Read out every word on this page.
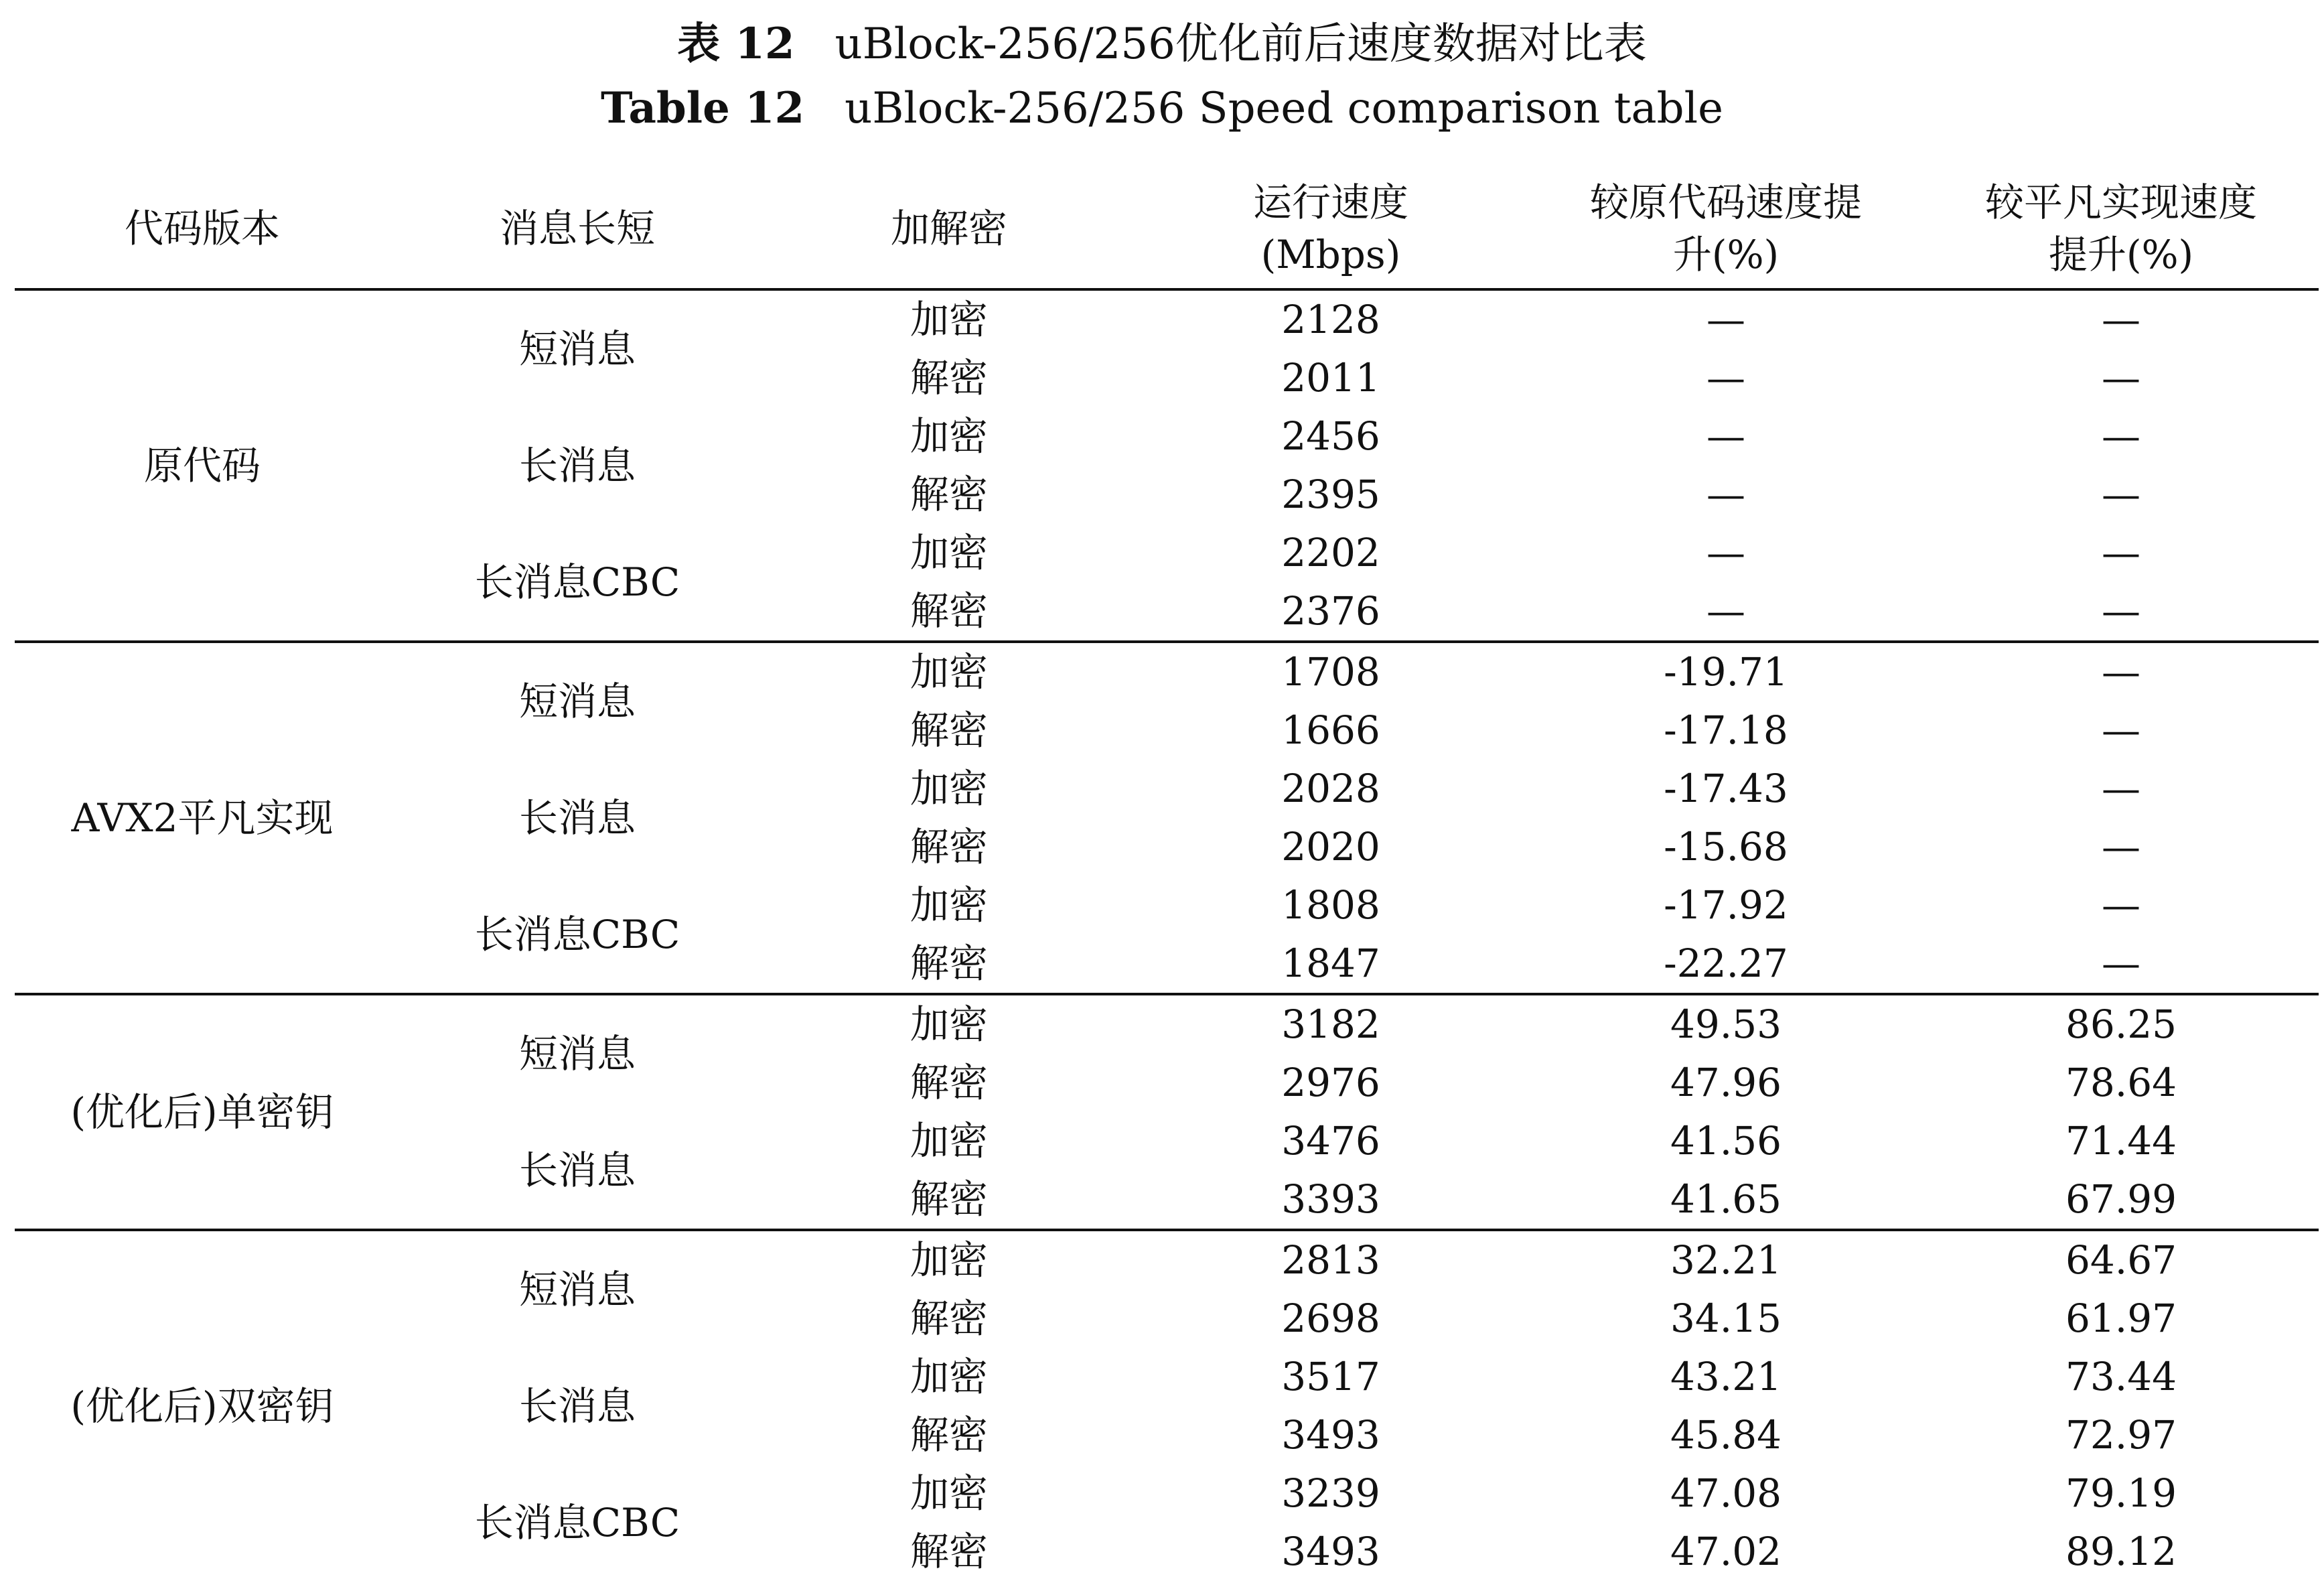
表 12 uBlock-256/256优化前后速度数据对比表
Table 12 uBlock-256/256 Speed comparison table
代码版本	消息长短	加解密	运行速度(Mbps)	较原代码速度提升(%)	较平凡实现速度提升(%)
原代码	短消息	加密	2128	—	—
		解密	2011	—	—
	长消息	加密	2456	—	—
		解密	2395	—	—
	长消息CBC	加密	2202	—	—
		解密	2376	—	—
AVX2平凡实现	短消息	加密	1708	-19.71	—
		解密	1666	-17.18	—
	长消息	加密	2028	-17.43	—
		解密	2020	-15.68	—
	长消息CBC	加密	1808	-17.92	—
		解密	1847	-22.27	—
(优化后)单密钥	短消息	加密	3182	49.53	86.25
		解密	2976	47.96	78.64
	长消息	加密	3476	41.56	71.44
		解密	3393	41.65	67.99
(优化后)双密钥	短消息	加密	2813	32.21	64.67
		解密	2698	34.15	61.97
	长消息	加密	3517	43.21	73.44
		解密	3493	45.84	72.97
	长消息CBC	加密	3239	47.08	79.19
		解密	3493	47.02	89.12
